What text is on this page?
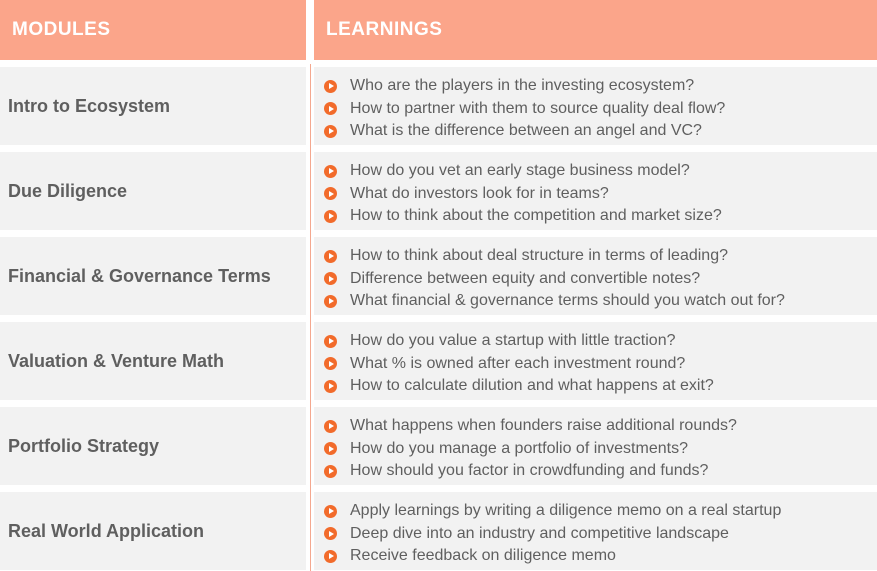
MODULES	LEARNINGS
Intro to Ecosystem
Who are the players in the investing ecosystem?
How to partner with them to source quality deal flow?
What is the difference between an angel and VC?
Due Diligence
How do you vet an early stage business model?
What do investors look for in teams?
How to think about the competition and market size?
Financial & Governance Terms
How to think about deal structure in terms of leading?
Difference between equity and convertible notes?
What financial & governance terms should you watch out for?
Valuation & Venture Math
How do you value a startup with little traction?
What % is owned after each investment round?
How to calculate dilution and what happens at exit?
Portfolio Strategy
What happens when founders raise additional rounds?
How do you manage a portfolio of investments?
How should you factor in crowdfunding and funds?
Real World Application
Apply learnings by writing a diligence memo on a real startup
Deep dive into an industry and competitive landscape
Receive feedback on diligence memo
